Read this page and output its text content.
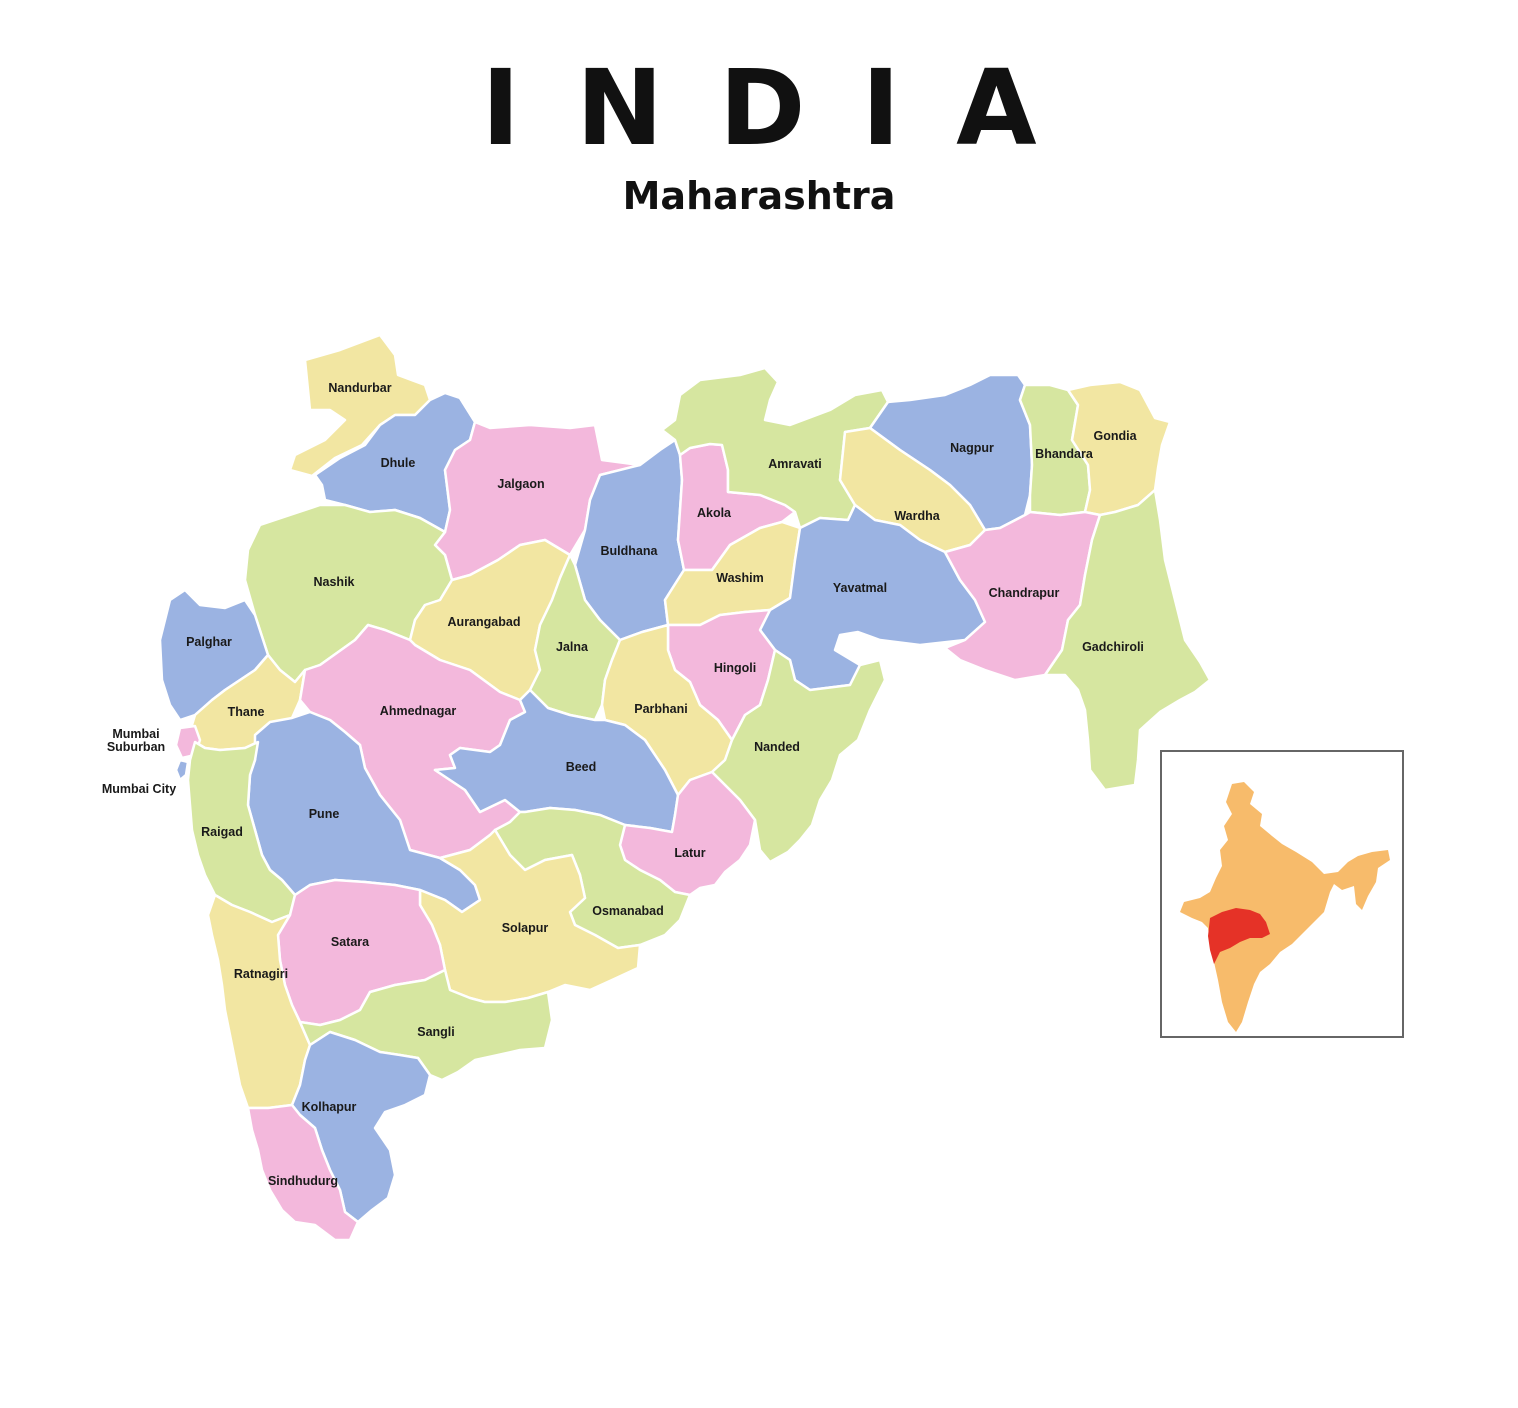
INDIA
Maharashtra
Nandurbar
Dhule
Jalgaon
Buldhana
Akola
Amravati
Nagpur	Bhandara
Gondia
Wardha
Washim
Yavatmal	Chandrapur
Gadchiroli
Nashik
Palghar
Aurangabad
Jalna
Hingoli
Parbhani
Thane	Ahmednagar
Mumbai Suburban
Mumbai City
Nanded
Beed
Pune
Raigad
Latur
Osmanabad
Solapur
Satara
Ratnagiri
Sangli
Kolhapur
Sindhudurg
